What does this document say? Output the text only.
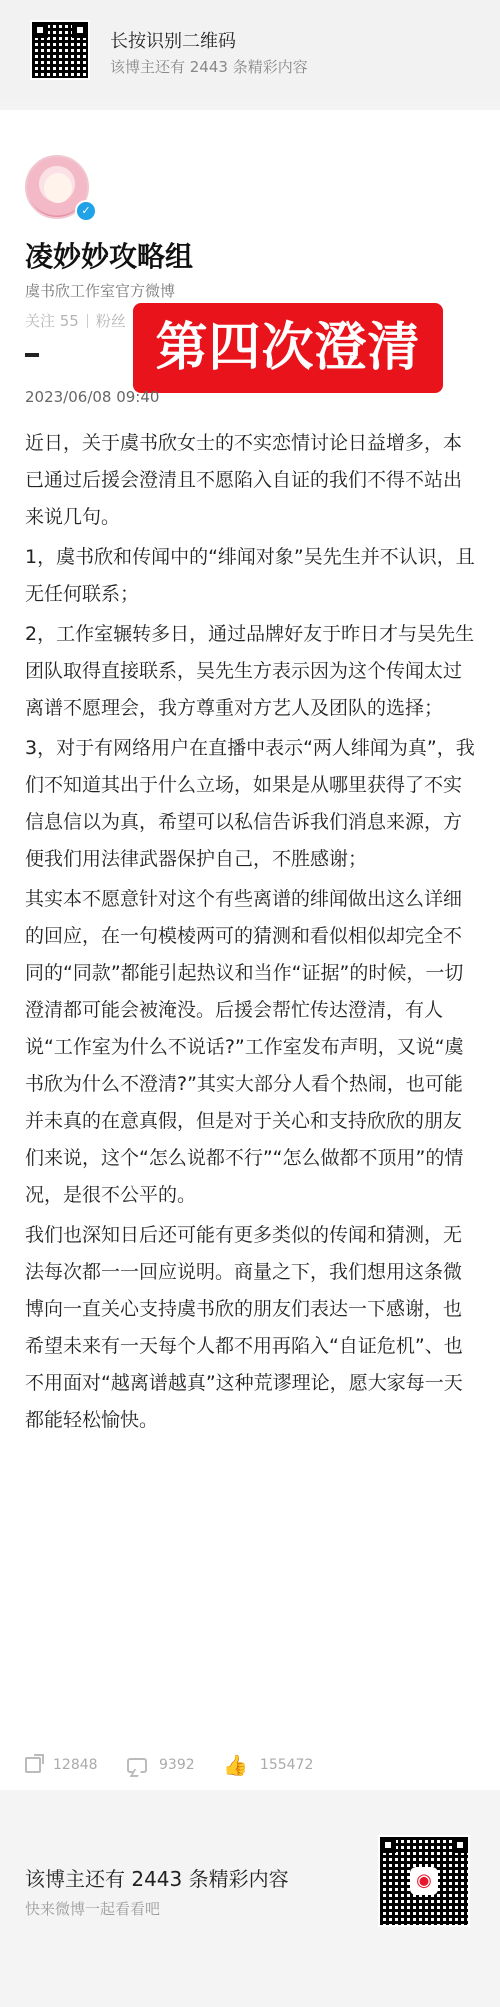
长按识别二维码
该博主还有 2443 条精彩内容
✓
凌妙妙攻略组
虞书欣工作室官方微博
关注 55 粉丝 第四次澄清
2023/06/08 09:40

近日，关于虞书欣女士的不实恋情讨论日益增多，本已通过后援会澄清且不愿陷入自证的我们不得不站出来说几句。

1，虞书欣和传闻中的“绯闻对象”吴先生并不认识，且无任何联系；

2，工作室辗转多日，通过品牌好友于昨日才与吴先生团队取得直接联系，吴先生方表示因为这个传闻太过离谱不愿理会，我方尊重对方艺人及团队的选择；

3，对于有网络用户在直播中表示“两人绯闻为真”，我们不知道其出于什么立场，如果是从哪里获得了不实信息信以为真，希望可以私信告诉我们消息来源，方便我们用法律武器保护自己，不胜感谢；

其实本不愿意针对这个有些离谱的绯闻做出这么详细的回应，在一句模棱两可的猜测和看似相似却完全不同的“同款”都能引起热议和当作“证据”的时候，一切澄清都可能会被淹没。后援会帮忙传达澄清，有人说“工作室为什么不说话?”工作室发布声明，又说“虞书欣为什么不澄清?”其实大部分人看个热闹，也可能并未真的在意真假，但是对于关心和支持欣欣的朋友们来说，这个“怎么说都不行”“怎么做都不顶用”的情况，是很不公平的。

我们也深知日后还可能有更多类似的传闻和猜测，无法每次都一一回应说明。商量之下，我们想用这条微博向一直关心支持虞书欣的朋友们表达一下感谢，也希望未来有一天每个人都不用再陷入“自证危机”、也不用面对“越离谱越真”这种荒谬理论，愿大家每一天都能轻松愉快。

12848	9392 👍 155472
该博主还有 2443 条精彩内容
快来微博一起看看吧
◉
